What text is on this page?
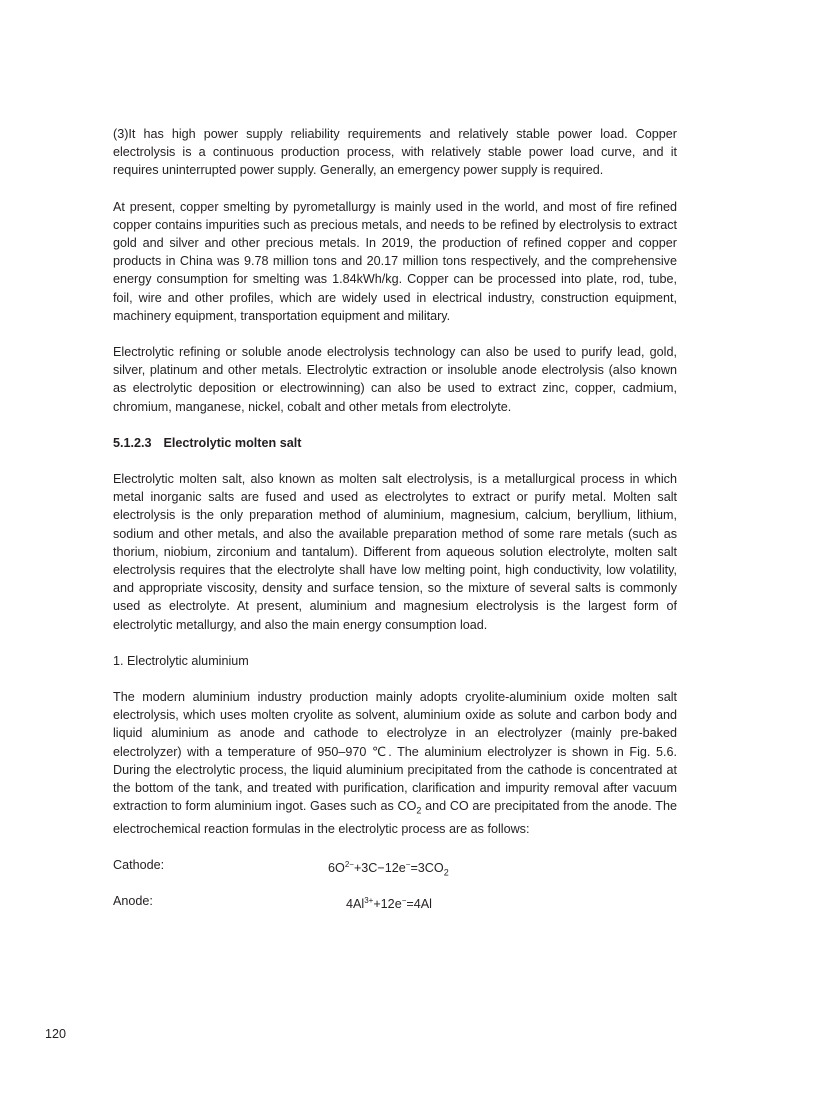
(3)It has high power supply reliability requirements and relatively stable power load. Copper electrolysis is a continuous production process, with relatively stable power load curve, and it requires uninterrupted power supply. Generally, an emergency power supply is required.

At present, copper smelting by pyrometallurgy is mainly used in the world, and most of fire refined copper contains impurities such as precious metals, and needs to be refined by electrolysis to extract gold and silver and other precious metals. In 2019, the production of refined copper and copper products in China was 9.78 million tons and 20.17 million tons respectively, and the comprehensive energy consumption for smelting was 1.84kWh/kg. Copper can be processed into plate, rod, tube, foil, wire and other profiles, which are widely used in electrical industry, construction equipment, machinery equipment, transportation equipment and military.

Electrolytic refining or soluble anode electrolysis technology can also be used to purify lead, gold, silver, platinum and other metals. Electrolytic extraction or insoluble anode electrolysis (also known as electrolytic deposition or electrowinning) can also be used to extract zinc, copper, cadmium, chromium, manganese, nickel, cobalt and other metals from electrolyte.

5.1.2.3 Electrolytic molten salt

Electrolytic molten salt, also known as molten salt electrolysis, is a metallurgical process in which metal inorganic salts are fused and used as electrolytes to extract or purify metal. Molten salt electrolysis is the only preparation method of aluminium, magnesium, calcium, beryllium, lithium, sodium and other metals, and also the available preparation method of some rare metals (such as thorium, niobium, zirconium and tantalum). Different from aqueous solution electrolyte, molten salt electrolysis requires that the electrolyte shall have low melting point, high conductivity, low volatility, and appropriate viscosity, density and surface tension, so the mixture of several salts is commonly used as electrolyte. At present, aluminium and magnesium electrolysis is the largest form of electrolytic metallurgy, and also the main energy consumption load.

1. Electrolytic aluminium

The modern aluminium industry production mainly adopts cryolite-aluminium oxide molten salt electrolysis, which uses molten cryolite as solvent, aluminium oxide as solute and carbon body and liquid aluminium as anode and cathode to electrolyze in an electrolyzer (mainly pre-baked electrolyzer) with a temperature of 950–970 ℃. The aluminium electrolyzer is shown in Fig. 5.6. During the electrolytic process, the liquid aluminium precipitated from the cathode is concentrated at the bottom of the tank, and treated with purification, clarification and impurity removal after vacuum extraction to form aluminium ingot. Gases such as $CO_2$ and CO are precipitated from the anode. The electrochemical reaction formulas in the electrolytic process are as follows:

Cathode:	$6O^{2-}+3C-12e^-=3CO_2$
Anode:	$4Al^{3+}+12e^-=4Al$
120
